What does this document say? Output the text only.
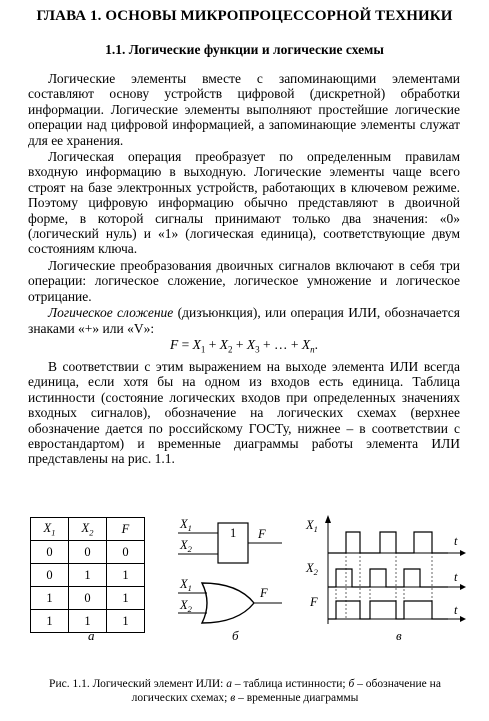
ГЛАВА 1. ОСНОВЫ МИКРОПРОЦЕССОРНОЙ ТЕХНИКИ
1.1. Логические функции и логические схемы

Логические элементы вместе с запоминающими элементами составляют основу устройств цифровой (дискретной) обработки информации. Логические элементы выполняют простейшие логические операции над цифровой информацией, а запоминающие элементы служат для ее хранения.

Логическая операция преобразует по определенным правилам входную информацию в выходную. Логические элементы чаще всего строят на базе электронных устройств, работающих в ключевом режиме. Поэтому цифровую информацию обычно представляют в двоичной форме, в которой сигналы принимают только два значения: «0» (логический нуль) и «1» (логическая единица), соответствующие двум состояниям ключа.

Логические преобразования двоичных сигналов включают в себя три операции: логическое сложение, логическое умножение и логическое отрицание.

Логическое сложение (дизъюнкция), или операция ИЛИ, обозначается знаками «+» или «V»:

$F = X_1 + X_2 + X_3$ + … + $X_n$.

В соответствии с этим выражением на выходе элемента ИЛИ всегда единица, если хотя бы на одном из входов есть единица. Таблица истинности (состояние логических входов при определенных значениях входных сигналов), обозначение на логических схемах (верхнее обозначение дается по российскому ГОСТу, нижнее – в соответствии с евростандартом) и временные диаграммы работы элемента ИЛИ представлены на рис. 1.1.

$X_1$	$X_2$	F
0	0	0
0	1	1
1	0	1
1	1	1
1
$X_1$
$X_2$
F
$X_1$
$X_2$
F
$X_1$
$X_2$
F
t
t
t
а	б	в
Рис. 1.1. Логический элемент ИЛИ: а – таблица истинности; б – обозначение на логических схемах; в – временные диаграммы
